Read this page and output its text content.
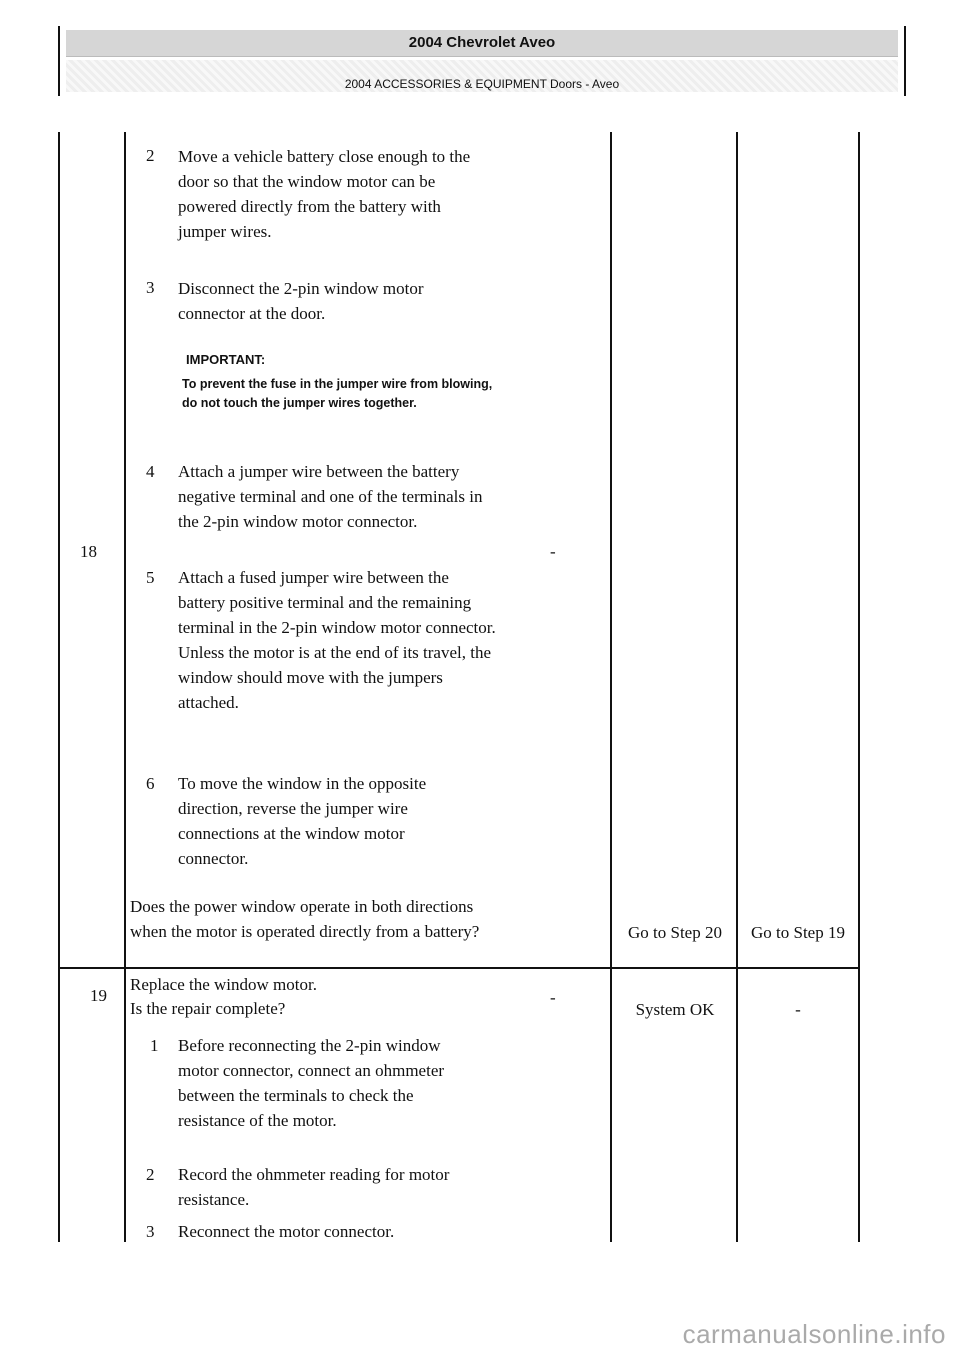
2004 Chevrolet Aveo
2004 ACCESSORIES & EQUIPMENT Doors - Aveo
18
2 Move a vehicle battery close enough to the door so that the window motor can be powered directly from the battery with jumper wires.
3 Disconnect the 2-pin window motor connector at the door.
IMPORTANT:
To prevent the fuse in the jumper wire from blowing, do not touch the jumper wires together.
4 Attach a jumper wire between the battery negative terminal and one of the terminals in the 2-pin window motor connector.
5 Attach a fused jumper wire between the battery positive terminal and the remaining terminal in the 2-pin window motor connector. Unless the motor is at the end of its travel, the window should move with the jumpers attached.
6 To move the window in the opposite direction, reverse the jumper wire connections at the window motor connector.
Does the power window operate in both directions when the motor is operated directly from a battery?
-
Go to Step 20	Go to Step 19
19
Replace the window motor.
Is the repair complete?
-
System OK	-
1 Before reconnecting the 2-pin window motor connector, connect an ohmmeter between the terminals to check the resistance of the motor.
2 Record the ohmmeter reading for motor resistance.
3 Reconnect the motor connector.
carmanualsonline.info
